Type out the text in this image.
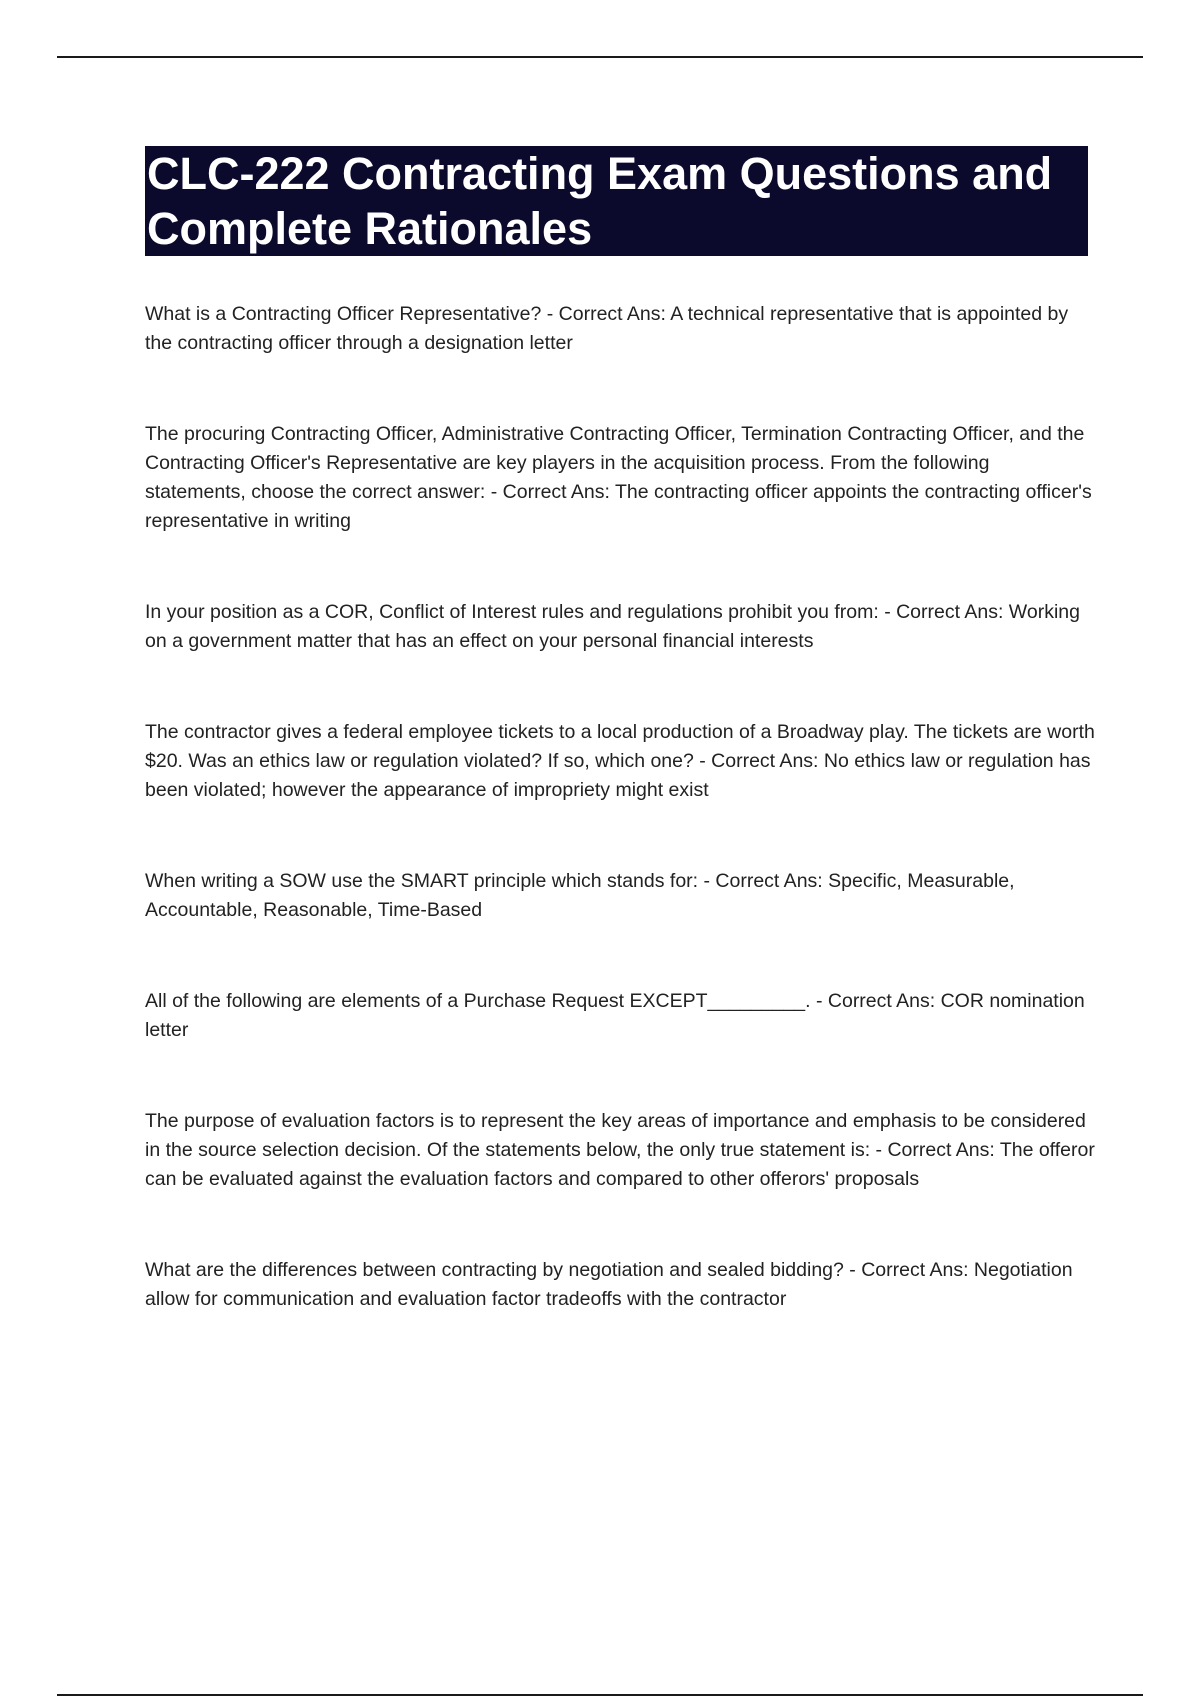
CLC-222 Contracting Exam Questions and Complete Rationales

What is a Contracting Officer Representative? - Correct Ans: A technical representative that is appointed by the contracting officer through a designation letter

The procuring Contracting Officer, Administrative Contracting Officer, Termination Contracting Officer, and the Contracting Officer's Representative are key players in the acquisition process. From the following statements, choose the correct answer: - Correct Ans: The contracting officer appoints the contracting officer's representative in writing

In your position as a COR, Conflict of Interest rules and regulations prohibit you from: - Correct Ans: Working on a government matter that has an effect on your personal financial interests

The contractor gives a federal employee tickets to a local production of a Broadway play. The tickets are worth $20. Was an ethics law or regulation violated? If so, which one? - Correct Ans: No ethics law or regulation has been violated; however the appearance of impropriety might exist

When writing a SOW use the SMART principle which stands for: - Correct Ans: Specific, Measurable, Accountable, Reasonable, Time-Based

All of the following are elements of a Purchase Request EXCEPT_________. - Correct Ans: COR nomination letter

The purpose of evaluation factors is to represent the key areas of importance and emphasis to be considered in the source selection decision. Of the statements below, the only true statement is: - Correct Ans: The offeror can be evaluated against the evaluation factors and compared to other offerors' proposals

What are the differences between contracting by negotiation and sealed bidding? - Correct Ans: Negotiation allow for communication and evaluation factor tradeoffs with the contractor
